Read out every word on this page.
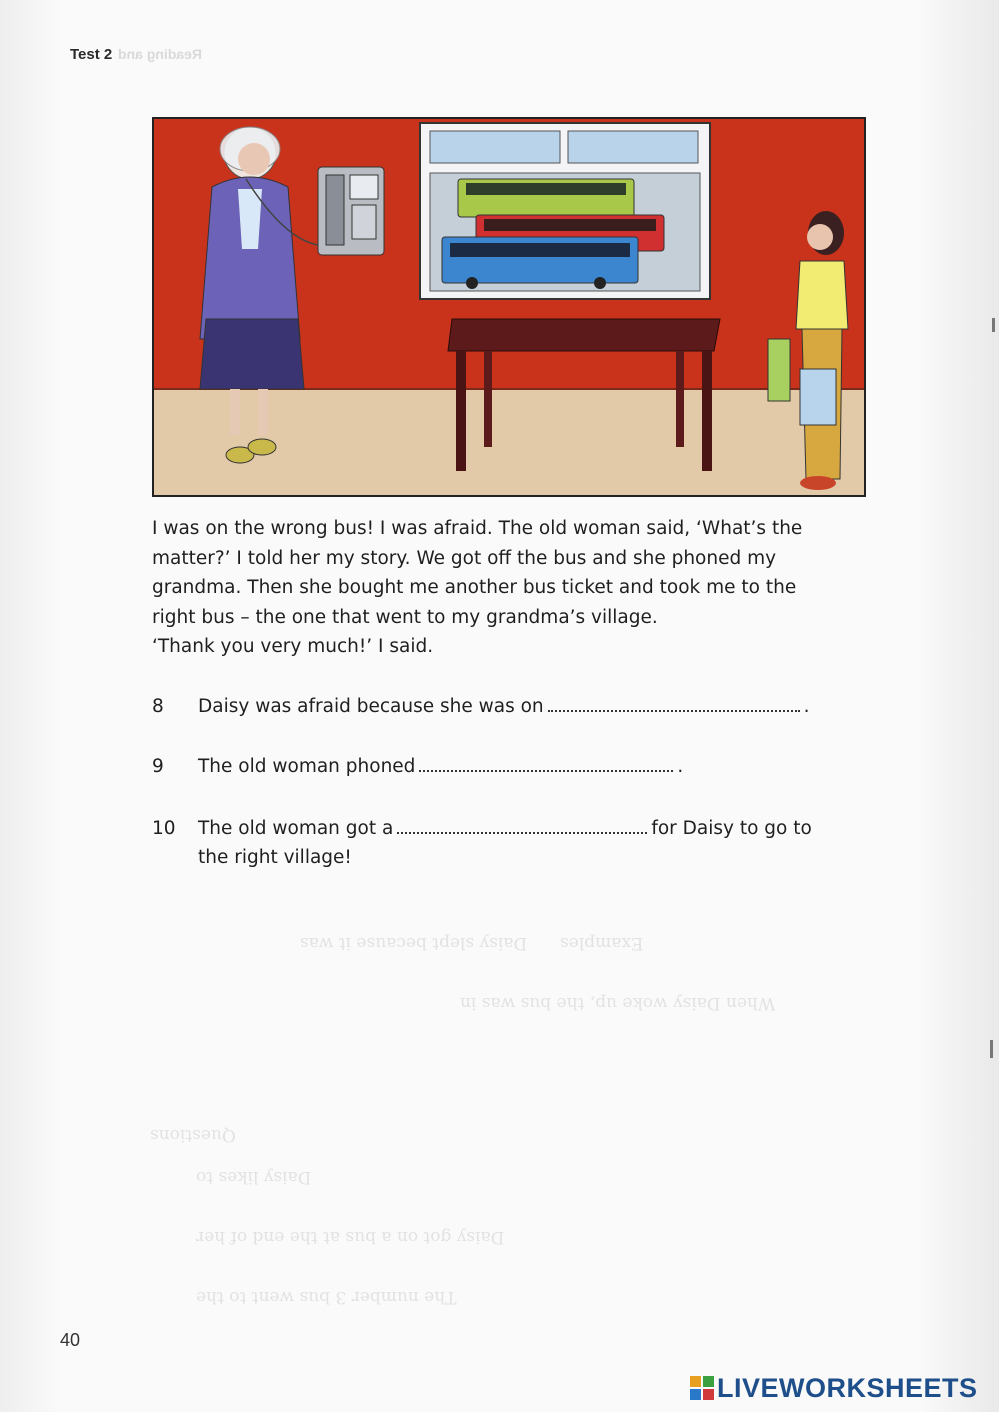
Reading and
Test 2

I was on the wrong bus! I was afraid. The old woman said, ‘What’s the

matter?’ I told her my story. We got off the bus and she phoned my

grandma. Then she bought me another bus ticket and took me to the

right bus – the one that went to my grandma’s village.

‘Thank you very much!’ I said.

8 Daisy was afraid because she was on	.
9 The old woman phoned	.
10 The old woman got a	for Daisy to go to
the right village!
Examples
Daisy slept because it was
When Daisy woke up, the bus was in
Questions
Daisy likes to
Daisy got on a bus at the end of her
The number 3 bus went to the
40
LIVEWORKSHEETS
